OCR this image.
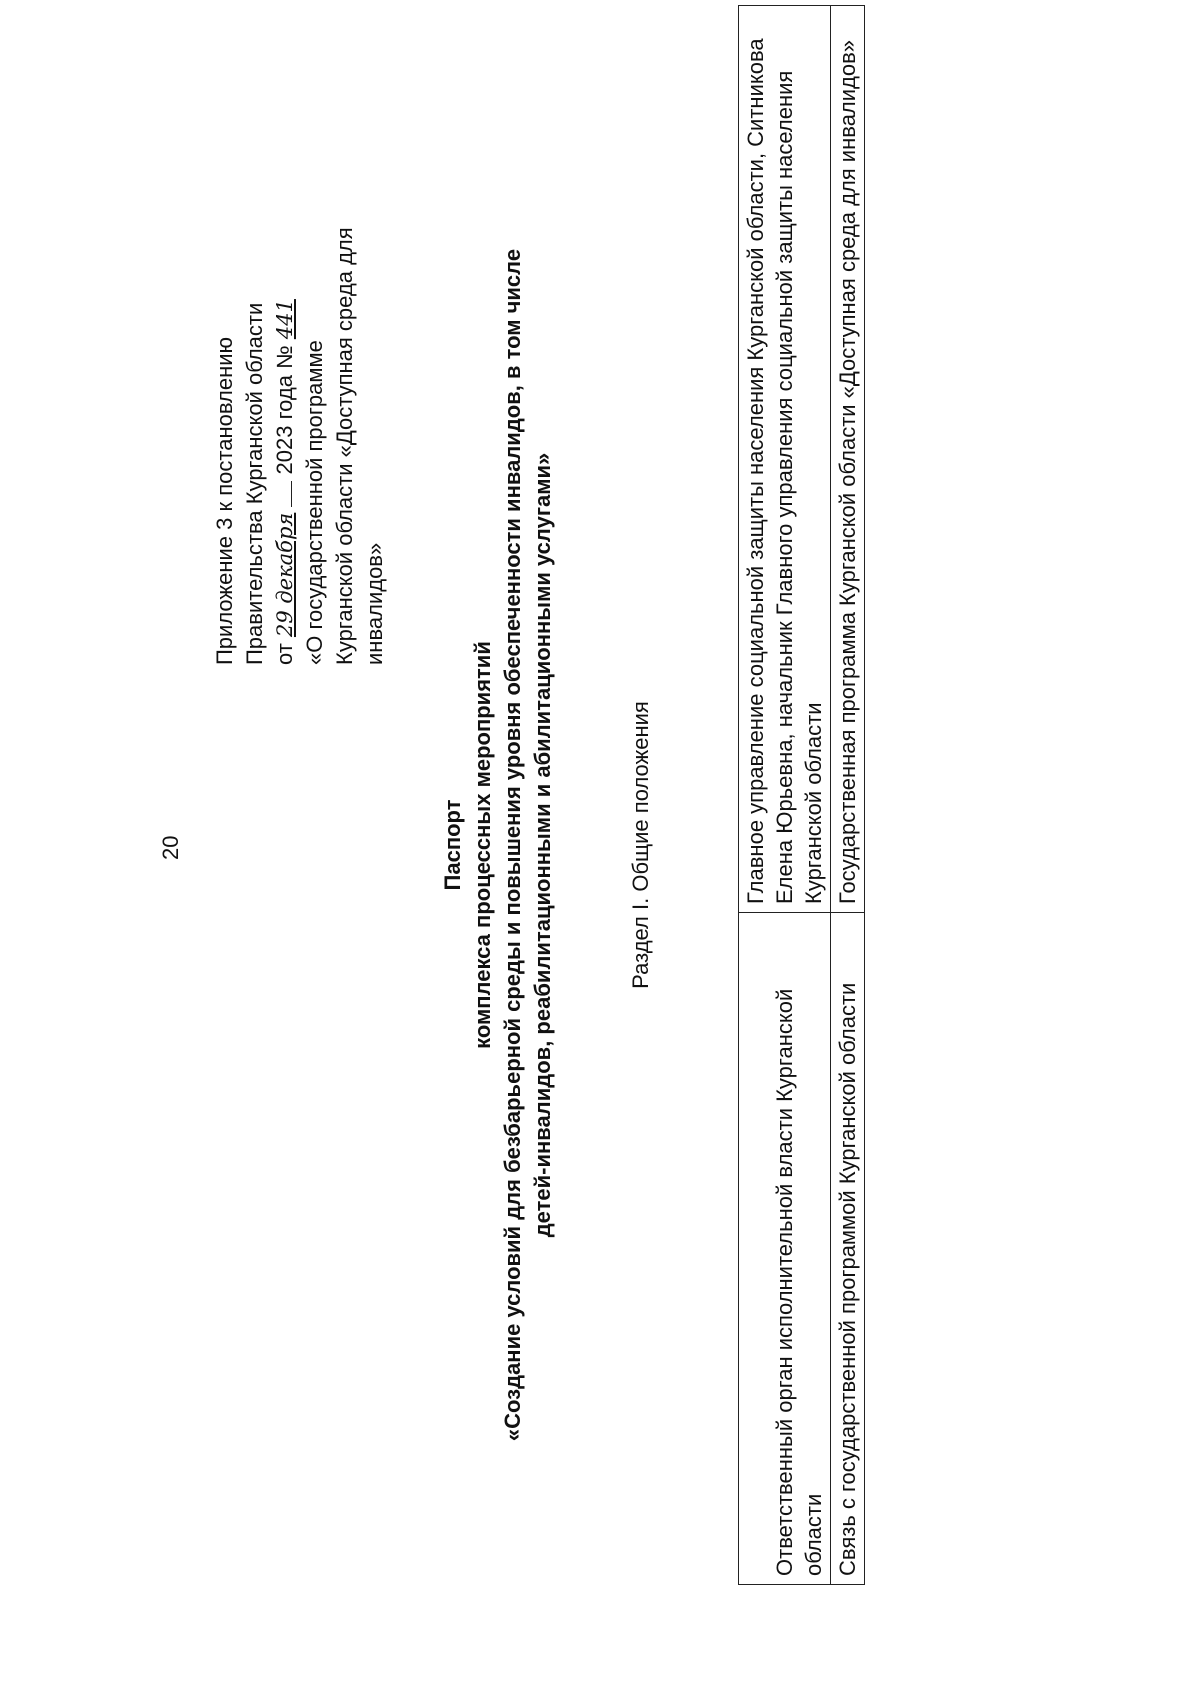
20
Приложение 3 к постановлению Правительства Курганской области от 29 декабря  2023 года № 441
«О государственной программе Курганской области «Доступная среда для инвалидов»
Паспорт комплекса процессных мероприятий «Создание условий для безбарьерной среды и повышения уровня обеспеченности инвалидов, в том числе детей-инвалидов, реабилитационными и абилитационными услугами»	Раздел I. Общие положения
Ответственный орган исполнительной власти Курганской области	Главное управление социальной защиты населения Курганской области, Ситникова Елена Юрьевна, начальник Главного управления социальной защиты населения Курганской области
Связь с государственной программой Курганской области	Государственная программа Курганской области «Доступная среда для инвалидов»
